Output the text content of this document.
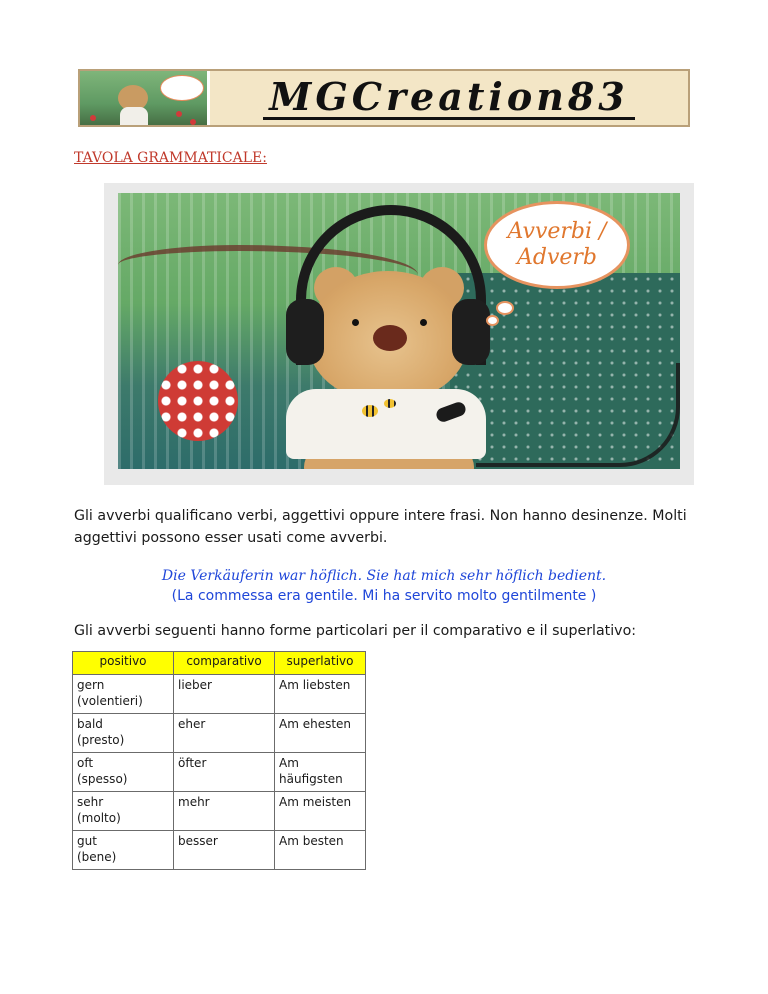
MGCreation83
TAVOLA GRAMMATICALE:
Avverbi /
Adverb

Gli avverbi qualificano verbi, aggettivi oppure intere frasi. Non hanno desinenze. Molti aggettivi possono esser usati come avverbi.

Die Verkäuferin war höflich. Sie hat mich sehr höflich bedient.
(La commessa era gentile. Mi ha servito molto gentilmente )

Gli avverbi seguenti hanno forme particolari per il comparativo e il superlativo:

positivo	comparativo	superlativo
gern
(volentieri)	lieber	Am liebsten
bald
(presto)	eher	Am ehesten
oft
(spesso)	öfter	Am häufigsten
sehr
(molto)	mehr	Am meisten
gut
(bene)	besser	Am besten
